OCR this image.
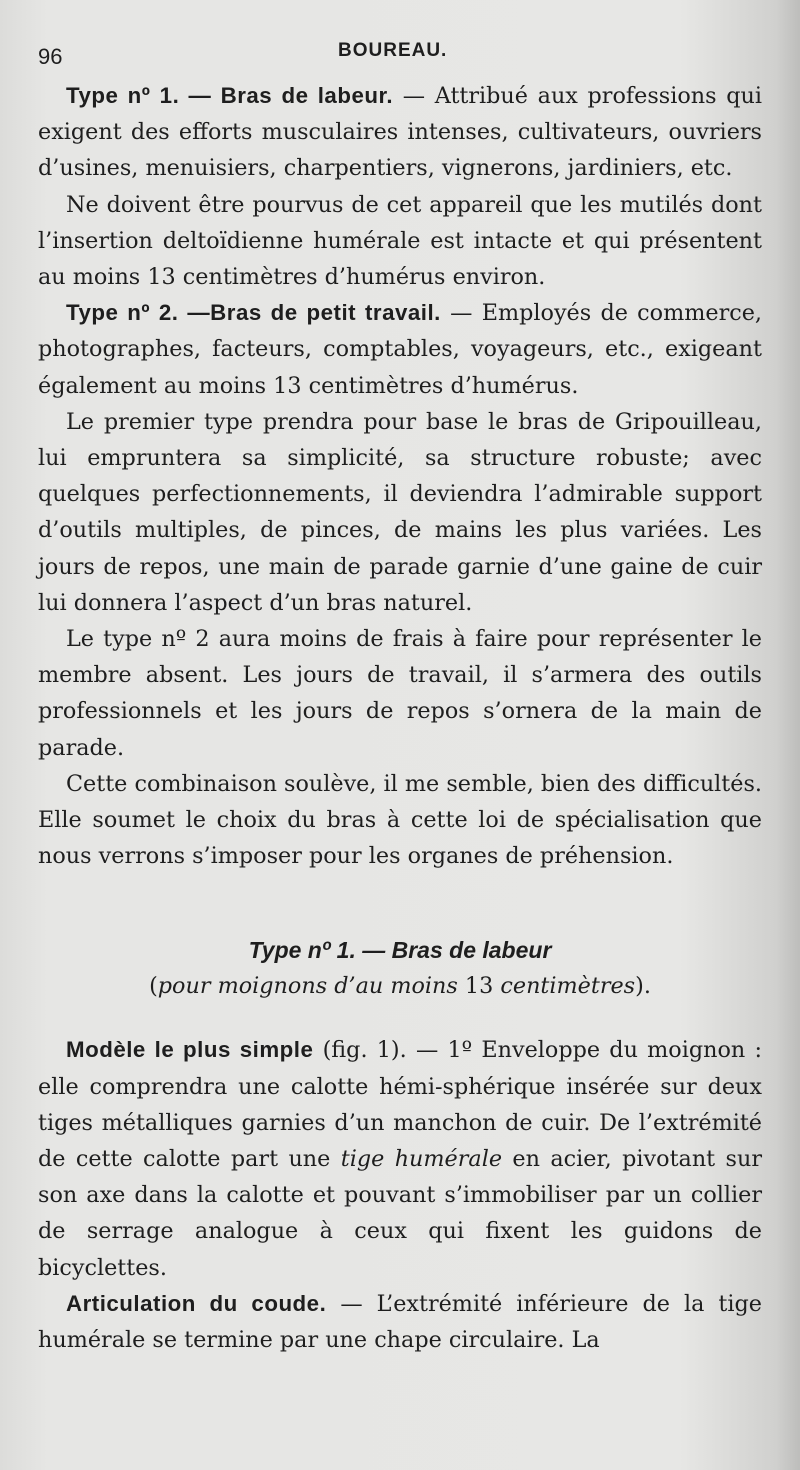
96	BOUREAU.

Type nº 1. — Bras de labeur. — Attribué aux professions qui exigent des efforts musculaires intenses, cultivateurs, ouvriers d’usines, menuisiers, charpentiers, vignerons, jardiniers, etc.

Ne doivent être pourvus de cet appareil que les mutilés dont l’insertion deltoïdienne humérale est intacte et qui présentent au moins 13 centimètres d’humérus environ.

Type nº 2. —Bras de petit travail. — Employés de commerce, photographes, facteurs, comptables, voyageurs, etc., exigeant également au moins 13 centimètres d’humérus.

Le premier type prendra pour base le bras de Gripouilleau, lui empruntera sa simplicité, sa structure robuste; avec quelques perfectionnements, il deviendra l’admirable support d’outils multiples, de pinces, de mains les plus variées. Les jours de repos, une main de parade garnie d’une gaine de cuir lui donnera l’aspect d’un bras naturel.

Le type nº 2 aura moins de frais à faire pour représenter le membre absent. Les jours de travail, il s’armera des outils professionnels et les jours de repos s’ornera de la main de parade.

Cette combinaison soulève, il me semble, bien des difficultés. Elle soumet le choix du bras à cette loi de spécialisation que nous verrons s’imposer pour les organes de préhension.

Type nº 1. — Bras de labeur
(pour moignons d’au moins 13 centimètres).

Modèle le plus simple (fig. 1). — 1º Enveloppe du moignon : elle comprendra une calotte hémi-sphérique insérée sur deux tiges métalliques garnies d’un manchon de cuir. De l’extrémité de cette calotte part une tige humérale en acier, pivotant sur son axe dans la calotte et pouvant s’immobiliser par un collier de serrage analogue à ceux qui fixent les guidons de bicyclettes.

Articulation du coude. — L’extrémité inférieure de la tige humérale se termine par une chape circulaire. La
